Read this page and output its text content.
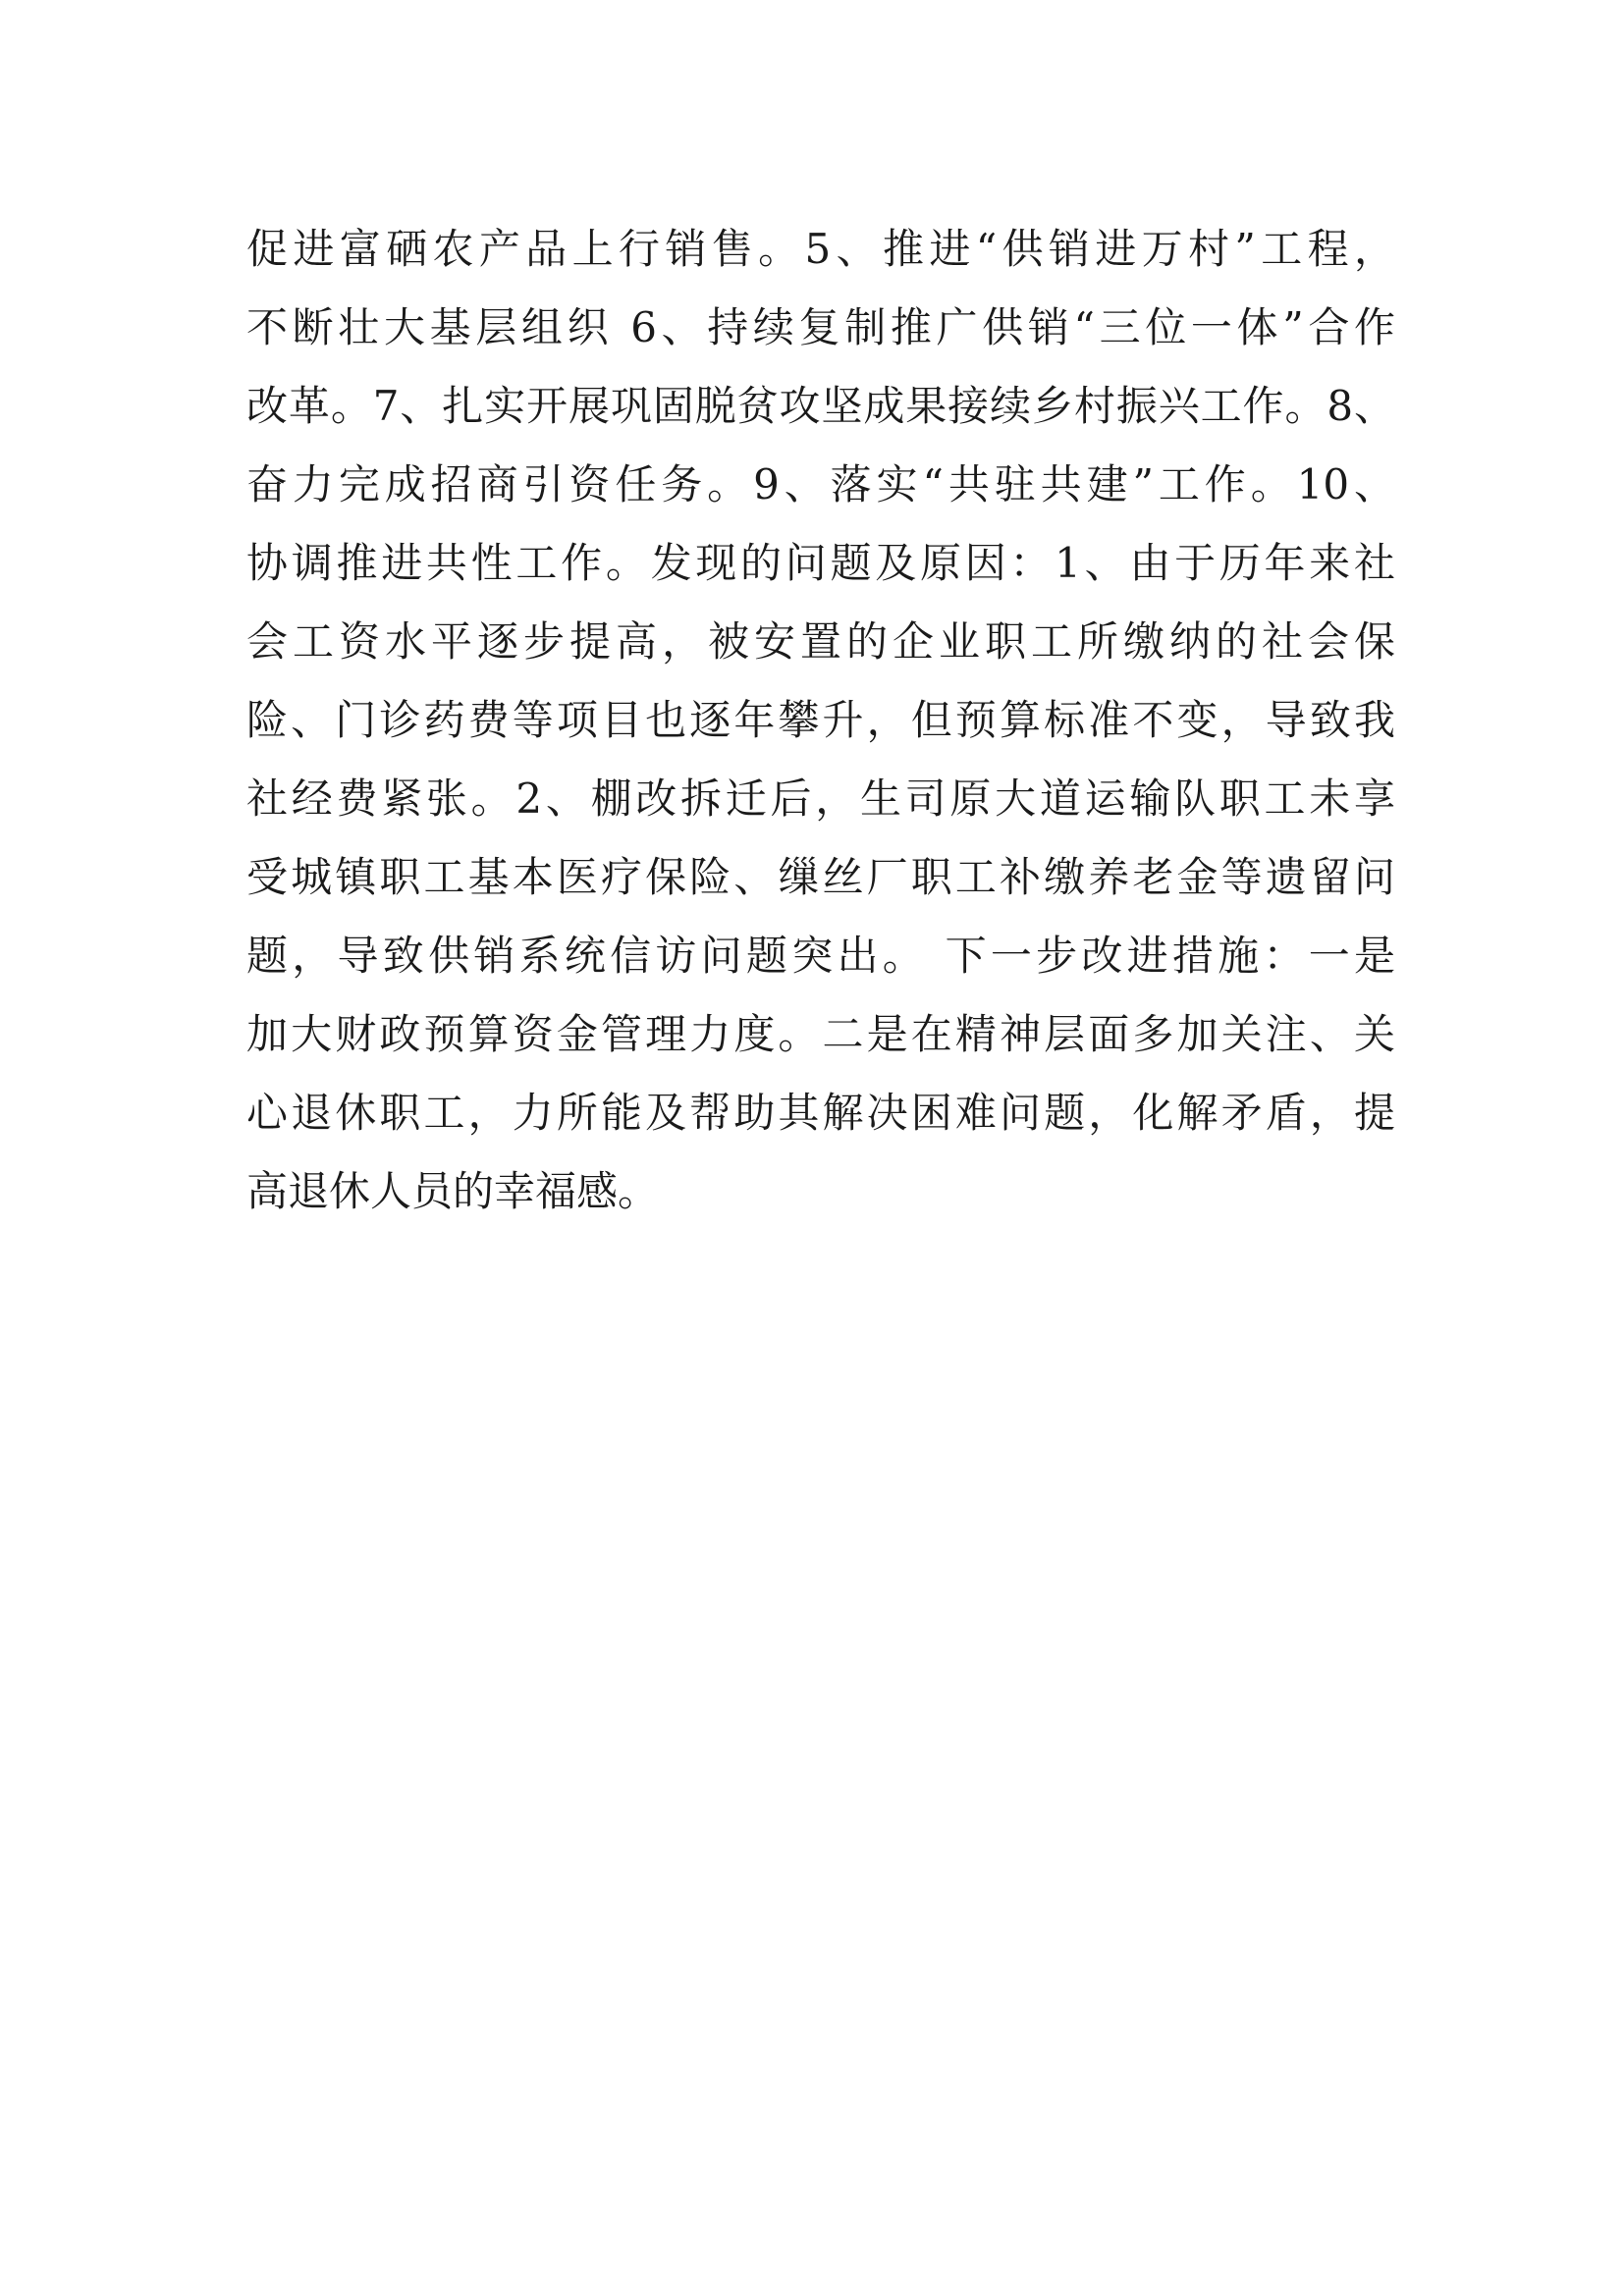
促进富硒农产品上行销售。5、推进“供销进万村”工程，
不断壮大基层组织 6、持续复制推广供销“三位一体”合作
改革。7、扎实开展巩固脱贫攻坚成果接续乡村振兴工作。8、
奋力完成招商引资任务。9、落实“共驻共建”工作。10、
协调推进共性工作。发现的问题及原因：1、由于历年来社
会工资水平逐步提高，被安置的企业职工所缴纳的社会保
险、门诊药费等项目也逐年攀升，但预算标准不变，导致我
社经费紧张。2、棚改拆迁后，生司原大道运输队职工未享
受城镇职工基本医疗保险、缫丝厂职工补缴养老金等遗留问
题，导致供销系统信访问题突出。 下一步改进措施：一是
加大财政预算资金管理力度。二是在精神层面多加关注、关
心退休职工，力所能及帮助其解决困难问题，化解矛盾，提
高退休人员的幸福感。
